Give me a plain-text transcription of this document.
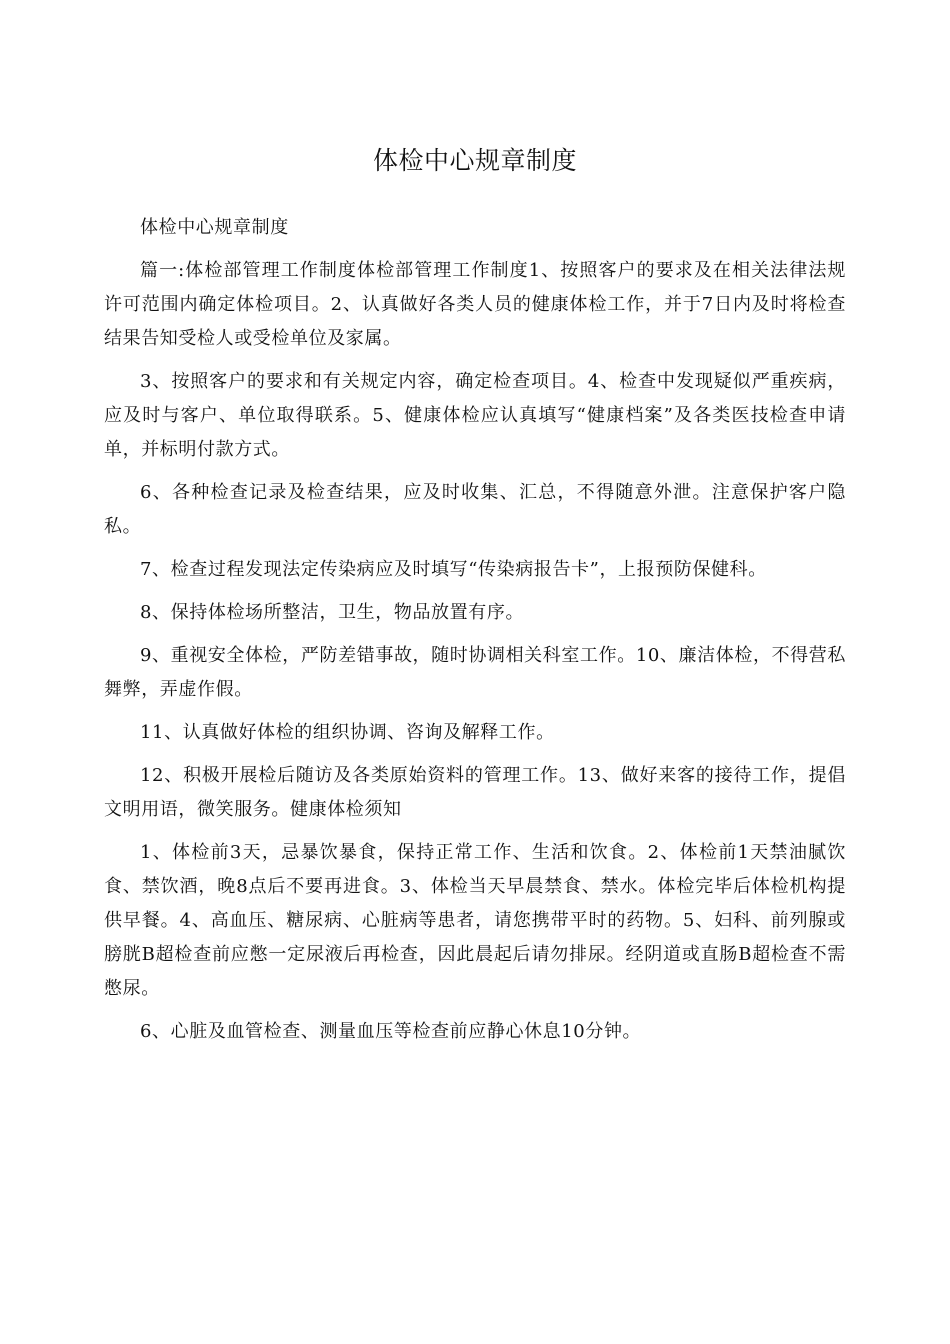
体检中心规章制度

体检中心规章制度

篇一:体检部管理工作制度体检部管理工作制度1、按照客户的要求及在相关法律法规许可范围内确定体检项目。2、认真做好各类人员的健康体检工作，并于7日内及时将检查结果告知受检人或受检单位及家属。

3、按照客户的要求和有关规定内容，确定检查项目。4、检查中发现疑似严重疾病，应及时与客户、单位取得联系。5、健康体检应认真填写“健康档案”及各类医技检查申请单，并标明付款方式。

6、各种检查记录及检查结果，应及时收集、汇总，不得随意外泄。注意保护客户隐私。

7、检查过程发现法定传染病应及时填写“传染病报告卡”，上报预防保健科。

8、保持体检场所整洁，卫生，物品放置有序。

9、重视安全体检，严防差错事故，随时协调相关科室工作。10、廉洁体检，不得营私舞弊，弄虚作假。

11、认真做好体检的组织协调、咨询及解释工作。

12、积极开展检后随访及各类原始资料的管理工作。13、做好来客的接待工作，提倡文明用语，微笑服务。健康体检须知

1、体检前3天，忌暴饮暴食，保持正常工作、生活和饮食。2、体检前1天禁油腻饮食、禁饮酒，晚8点后不要再进食。3、体检当天早晨禁食、禁水。体检完毕后体检机构提供早餐。4、高血压、糖尿病、心脏病等患者，请您携带平时的药物。5、妇科、前列腺或膀胱B超检查前应憋一定尿液后再检查，因此晨起后请勿排尿。经阴道或直肠B超检查不需憋尿。

6、心脏及血管检查、测量血压等检查前应静心休息10分钟。
